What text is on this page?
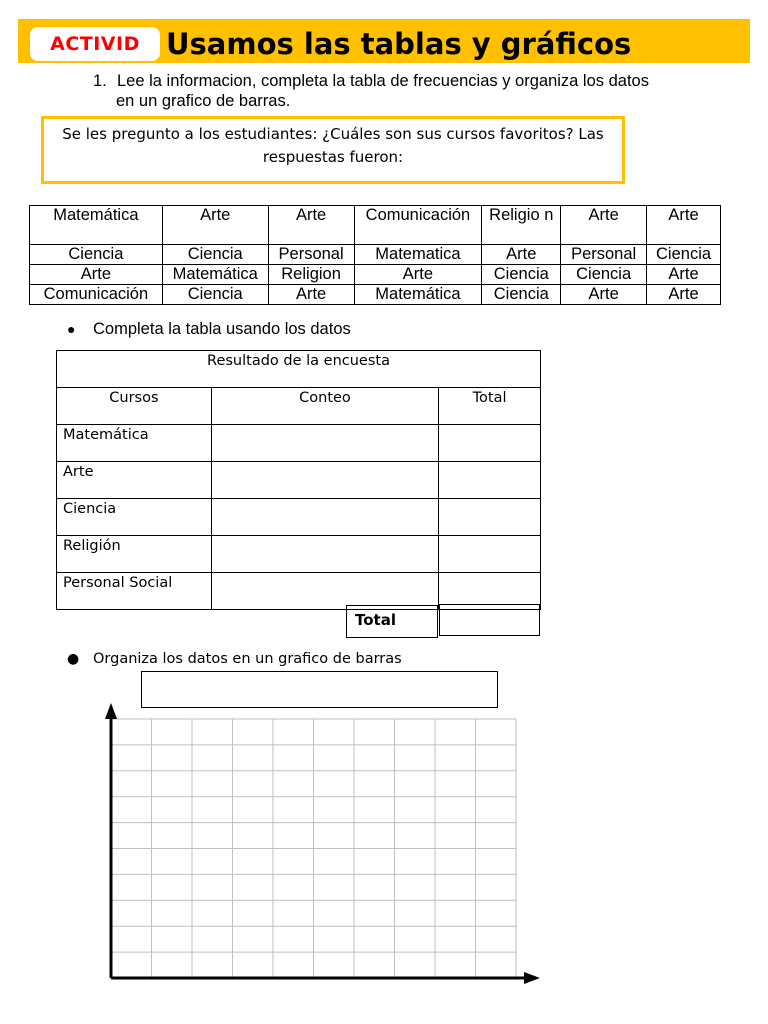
ACTIVID Usamos las tablas y gráficos
1. Lee la informacion, completa la tabla de frecuencias y organiza los datos
en un grafico de barras.
Se les pregunto a los estudiantes: ¿Cuáles son sus cursos favoritos? Las
respuestas fueron:
Matemática	Arte	Arte	Comunicación	Religio n	Arte	Arte
Ciencia	Ciencia	Personal	Matematica	Arte	Personal	Ciencia
Arte	Matemática	Religion	Arte	Ciencia	Ciencia	Arte
Comunicación	Ciencia	Arte	Matemática	Ciencia	Arte	Arte
● Completa la tabla usando los datos
Resultado de la encuesta		
Cursos	Conteo	Total
Matemática		
Arte		
Ciencia		
Religión		
Personal Social		
Total
● Organiza los datos en un grafico de barras
